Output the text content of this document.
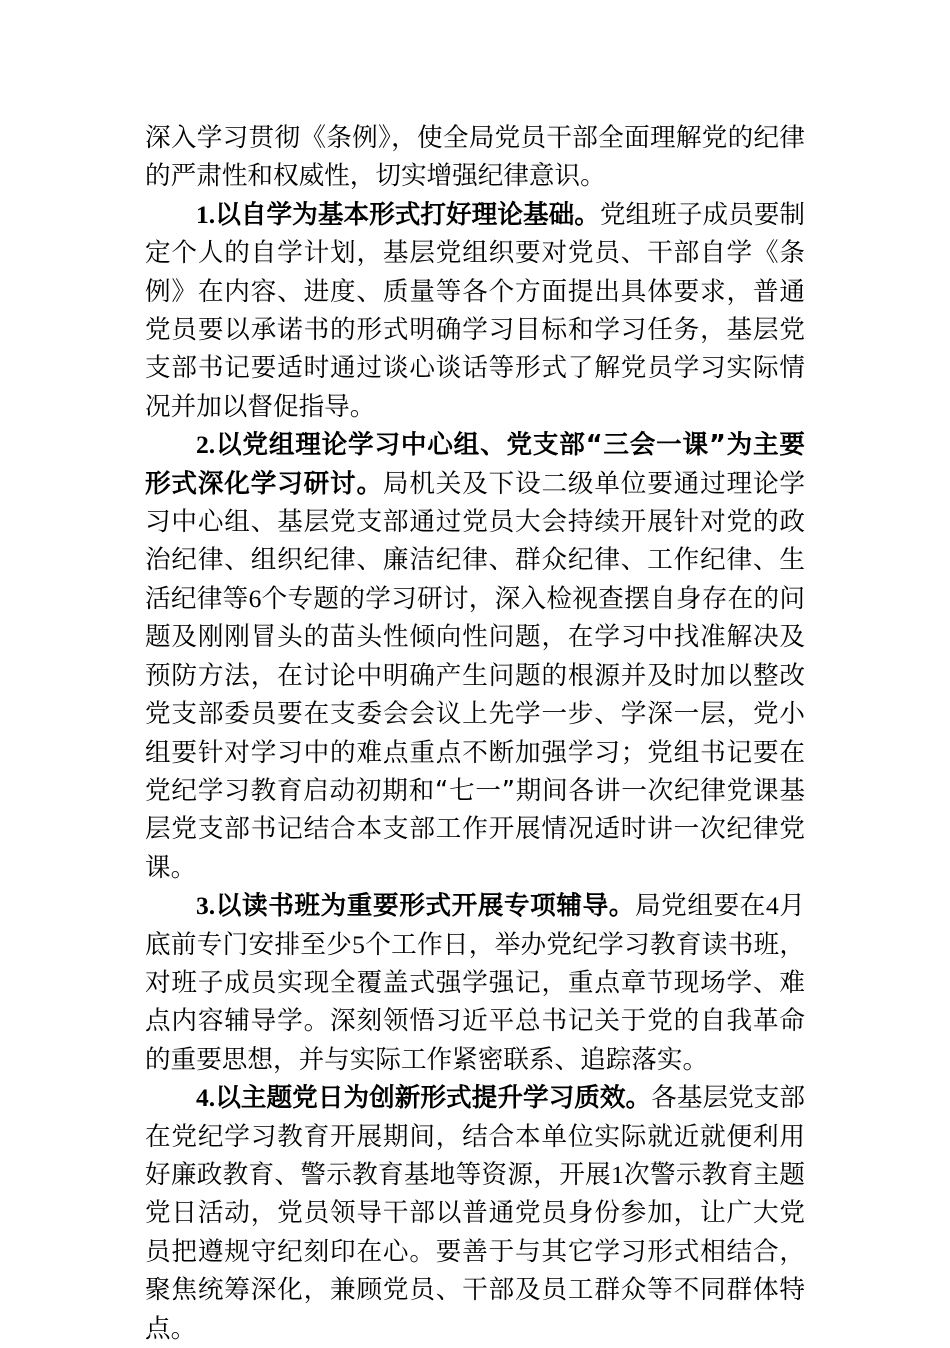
深入学习贯彻《条例》，使全局党员干部全面理解党的纪律的严肃性和权威性，切实增强纪律意识。

1.以自学为基本形式打好理论基础。党组班子成员要制定个人的自学计划，基层党组织要对党员、干部自学《条例》在内容、进度、质量等各个方面提出具体要求，普通党员要以承诺书的形式明确学习目标和学习任务，基层党支部书记要适时通过谈心谈话等形式了解党员学习实际情况并加以督促指导。

2.以党组理论学习中心组、党支部“三会一课”为主要形式深化学习研讨。局机关及下设二级单位要通过理论学习中心组、基层党支部通过党员大会持续开展针对党的政治纪律、组织纪律、廉洁纪律、群众纪律、工作纪律、生活纪律等6个专题的学习研讨，深入检视查摆自身存在的问题及刚刚冒头的苗头性倾向性问题，在学习中找准解决及预防方法，在讨论中明确产生问题的根源并及时加以整改党支部委员要在支委会会议上先学一步、学深一层，党小组要针对学习中的难点重点不断加强学习；党组书记要在党纪学习教育启动初期和“七一”期间各讲一次纪律党课基层党支部书记结合本支部工作开展情况适时讲一次纪律党课。

3.以读书班为重要形式开展专项辅导。局党组要在4月底前专门安排至少5个工作日，举办党纪学习教育读书班，对班子成员实现全覆盖式强学强记，重点章节现场学、难点内容辅导学。深刻领悟习近平总书记关于党的自我革命的重要思想，并与实际工作紧密联系、追踪落实。

4.以主题党日为创新形式提升学习质效。各基层党支部在党纪学习教育开展期间，结合本单位实际就近就便利用好廉政教育、警示教育基地等资源，开展1次警示教育主题党日活动，党员领导干部以普通党员身份参加，让广大党员把遵规守纪刻印在心。要善于与其它学习形式相结合，聚焦统筹深化，兼顾党员、干部及员工群众等不同群体特点。
